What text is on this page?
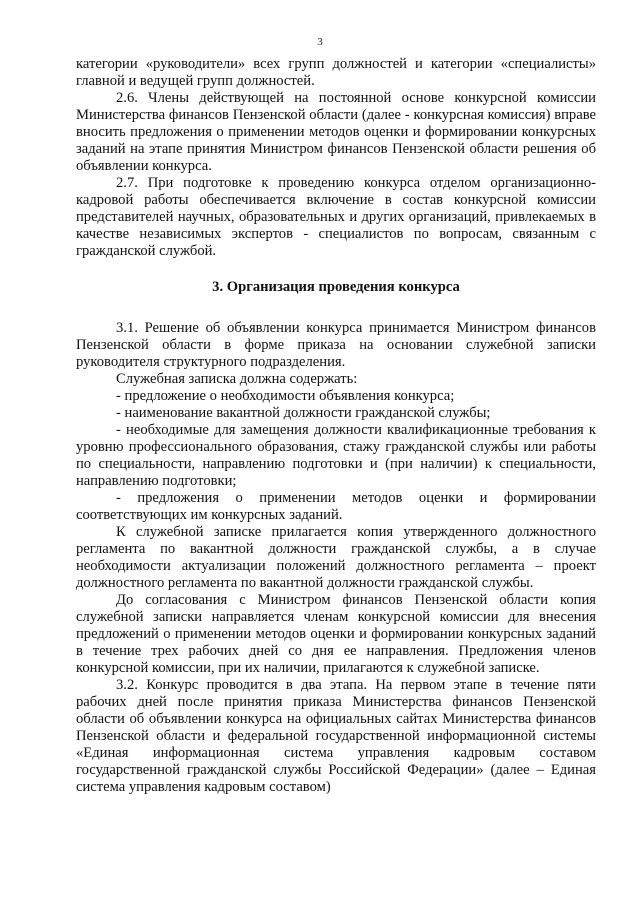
3

категории «руководители» всех групп должностей и категории «специалисты» главной и ведущей групп должностей.

2.6. Члены действующей на постоянной основе конкурсной комиссии Министерства финансов Пензенской области (далее - конкурсная комиссия) вправе вносить предложения о применении методов оценки и формировании конкурсных заданий на этапе принятия Министром финансов Пензенской области решения об объявлении конкурса.

2.7. При подготовке к проведению конкурса отделом организационно-кадровой работы обеспечивается включение в состав конкурсной комиссии представителей научных, образовательных и других организаций, привлекаемых в качестве независимых экспертов - специалистов по вопросам, связанным с гражданской службой.

3. Организация проведения конкурса

3.1. Решение об объявлении конкурса принимается Министром финансов Пензенской области в форме приказа на основании служебной записки руководителя структурного подразделения.

Служебная записка должна содержать:

- предложение о необходимости объявления конкурса;

- наименование вакантной должности гражданской службы;

- необходимые для замещения должности квалификационные требования к уровню профессионального образования, стажу гражданской службы или работы по специальности, направлению подготовки и (при наличии) к специальности, направлению подготовки;

- предложения о применении методов оценки и формировании соответствующих им конкурсных заданий.

К служебной записке прилагается копия утвержденного должностного регламента по вакантной должности гражданской службы, а в случае необходимости актуализации положений должностного регламента – проект должностного регламента по вакантной должности гражданской службы.

До согласования с Министром финансов Пензенской области копия служебной записки направляется членам конкурсной комиссии для внесения предложений о применении методов оценки и формировании конкурсных заданий в течение трех рабочих дней со дня ее направления. Предложения членов конкурсной комиссии, при их наличии, прилагаются к служебной записке.

3.2. Конкурс проводится в два этапа. На первом этапе в течение пяти рабочих дней после принятия приказа Министерства финансов Пензенской области об объявлении конкурса на официальных сайтах Министерства финансов Пензенской области и федеральной государственной информационной системы «Единая информационная система управления кадровым составом государственной гражданской службы Российской Федерации» (далее – Единая система управления кадровым составом)
